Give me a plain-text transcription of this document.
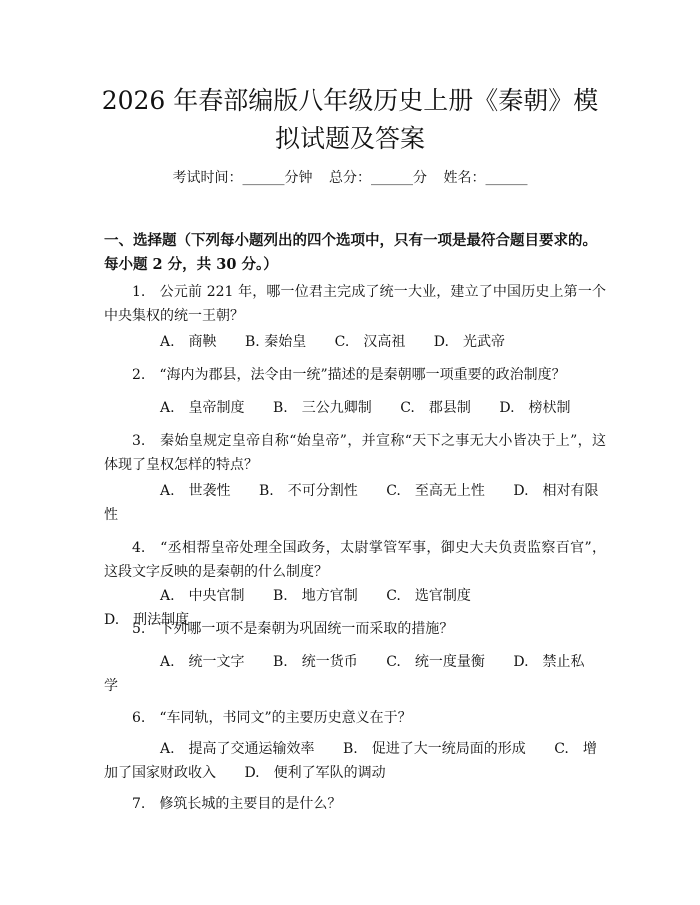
2026 年春部编版八年级历史上册《秦朝》模
拟试题及答案
考试时间：______分钟 总分：______分 姓名：______
一、选择题（下列每小题列出的四个选项中，只有一项是最符合题目要求的。每小题 2 分，共 30 分。）
1.　公元前 221 年，哪一位君主完成了统一大业，建立了中国历史上第一个中央集权的统一王朝？
A.　商鞅 B. 秦始皇 C.　汉高祖 D.　光武帝
2.　“海内为郡县，法令由一统”描述的是秦朝哪一项重要的政治制度？
A.　皇帝制度 B.　三公九卿制 C.　郡县制 D.　榜枤制
3.　秦始皇规定皇帝自称“始皇帝”，并宣称“天下之事无大小皆决于上”，这体现了皇权怎样的特点？
A.　世袭性 B.　不可分割性 C.　至高无上性 D.　相对有限性
4.　“丞相帮皇帝处理全国政务，太尉掌管军事，御史大夫负责监察百官”，这段文字反映的是秦朝的什么制度？
A.　中央官制 B.　地方官制 C.　选官制度 D.　刑法制度
5.　下列哪一项不是秦朝为巩固统一而采取的措施？
A.　统一文字 B.　统一货币 C.　统一度量衡 D.　禁止私学
6.　“车同轨，书同文”的主要历史意义在于？
A.　提高了交通运输效率 B.　促进了大一统局面的形成 C.　增加了国家财政收入 D.　便利了军队的调动
7.　修筑长城的主要目的是什么？
